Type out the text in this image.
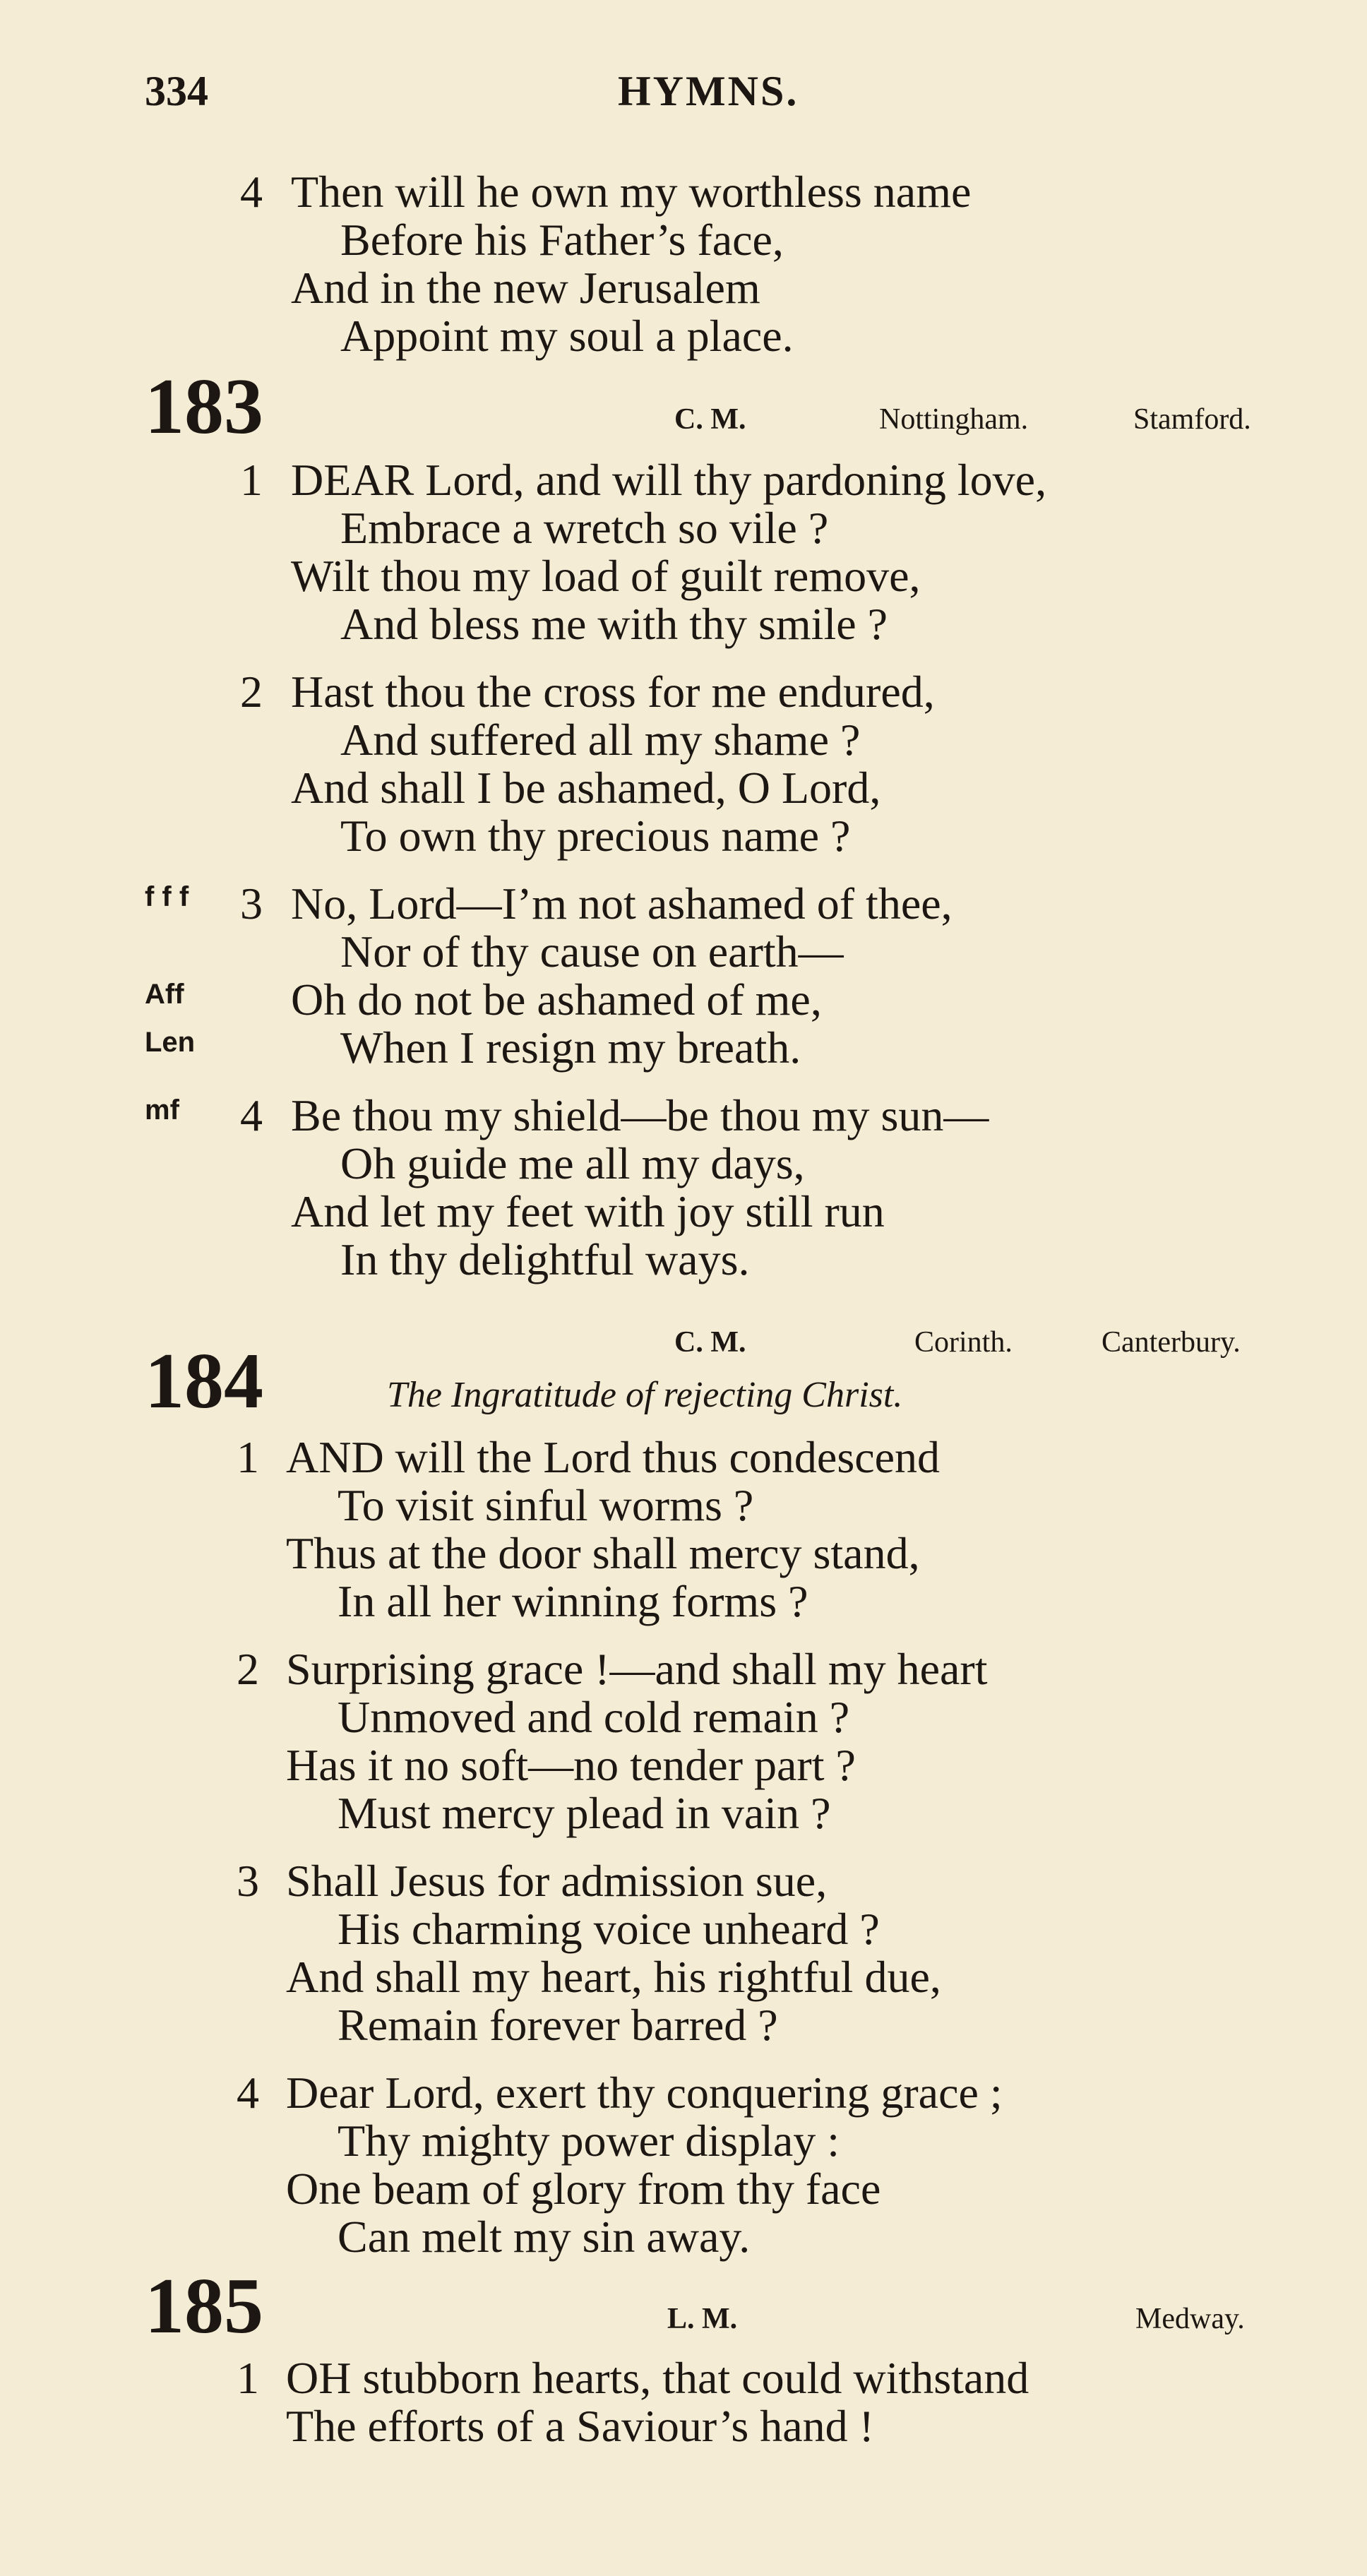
334	HYMNS.
4 Then will he own my worthless name
Before his Father’s face,
And in the new Jerusalem
Appoint my soul a place.
183	C. M.	Nottingham.	Stamford.
1 DEAR Lord, and will thy pardoning love,
Embrace a wretch so vile ?
Wilt thou my load of guilt remove,
And bless me with thy smile ?
2 Hast thou the cross for me endured,
And suffered all my shame ?
And shall I be ashamed, O Lord,
To own thy precious name ?
f f f 3 No, Lord—I’m not ashamed of thee,
Nor of thy cause on earth—
Aff Oh do not be ashamed of me,
Len	When I resign my breath.
mf 4 Be thou my shield—be thou my sun—
Oh guide me all my days,
And let my feet with joy still run
In thy delightful ways.
C. M.	Corinth.	Canterbury.
184	The Ingratitude of rejecting Christ.
1 AND will the Lord thus condescend
To visit sinful worms ?
Thus at the door shall mercy stand,
In all her winning forms ?
2 Surprising grace !—and shall my heart
Unmoved and cold remain ?
Has it no soft—no tender part ?
Must mercy plead in vain ?
3 Shall Jesus for admission sue,
His charming voice unheard ?
And shall my heart, his rightful due,
Remain forever barred ?
4 Dear Lord, exert thy conquering grace ;
Thy mighty power display :
One beam of glory from thy face
Can melt my sin away.
185	L. M.	Medway.
1 OH stubborn hearts, that could withstand
The efforts of a Saviour’s hand !
